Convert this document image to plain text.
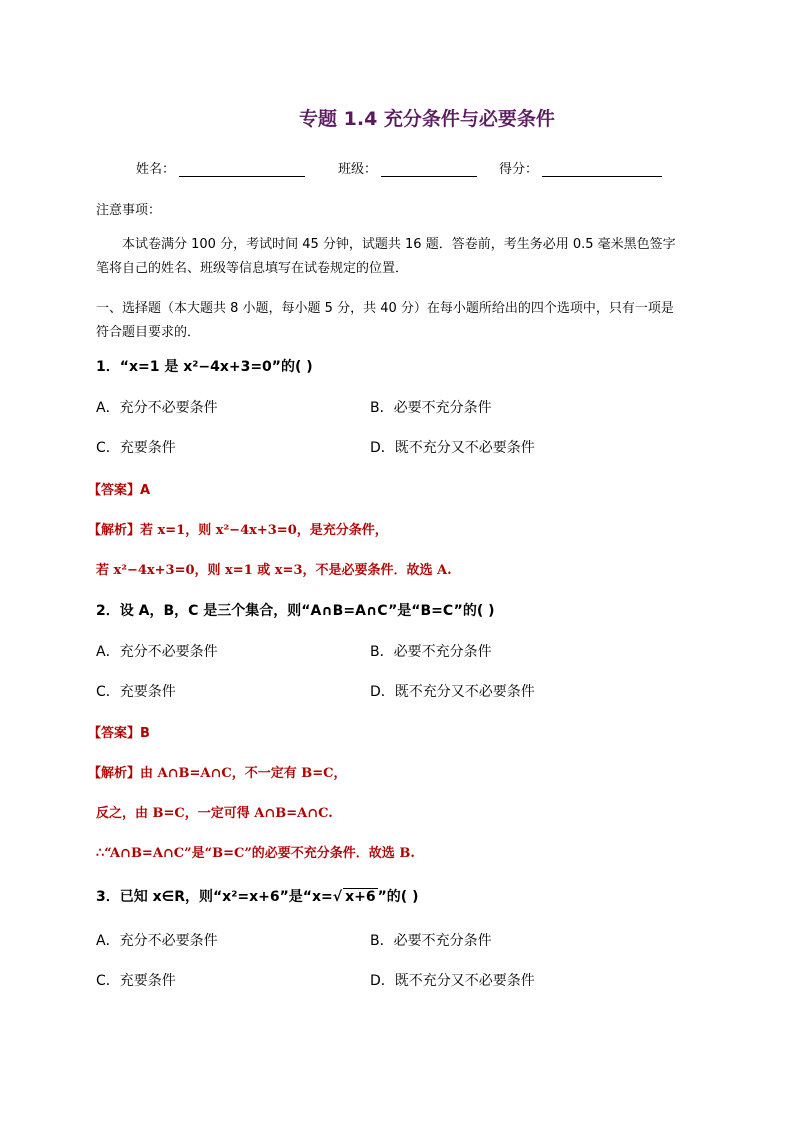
专题 1.4 充分条件与必要条件
姓名：	班级：	得分：
注意事项：
本试卷满分 100 分，考试时间 45 分钟，试题共 16 题．答卷前，考生务必用 0.5 毫米黑色签字
笔将自己的姓名、班级等信息填写在试卷规定的位置．
一、选择题（本大题共 8 小题，每小题 5 分，共 40 分）在每小题所给出的四个选项中，只有一项是
符合题目要求的．
1．“x=1 是 x²−4x+3=0”的( )
A．充分不必要条件	B．必要不充分条件
C．充要条件	D．既不充分又不必要条件
【答案】A
【解析】若 x=1，则 x²−4x+3=0，是充分条件，
若 x²−4x+3=0，则 x=1 或 x=3，不是必要条件．故选 A.
2．设 A，B，C 是三个集合，则“A∩B=A∩C”是“B=C”的( )
A．充分不必要条件	B．必要不充分条件
C．充要条件	D．既不充分又不必要条件
【答案】B
【解析】由 A∩B=A∩C，不一定有 B=C，
反之，由 B=C，一定可得 A∩B=A∩C.
∴“A∩B=A∩C”是“B=C”的必要不充分条件．故选 B.
3．已知 x∈R，则“x²=x+6”是“x=√ x+6 ”的( )
A．充分不必要条件	B．必要不充分条件
C．充要条件	D．既不充分又不必要条件
